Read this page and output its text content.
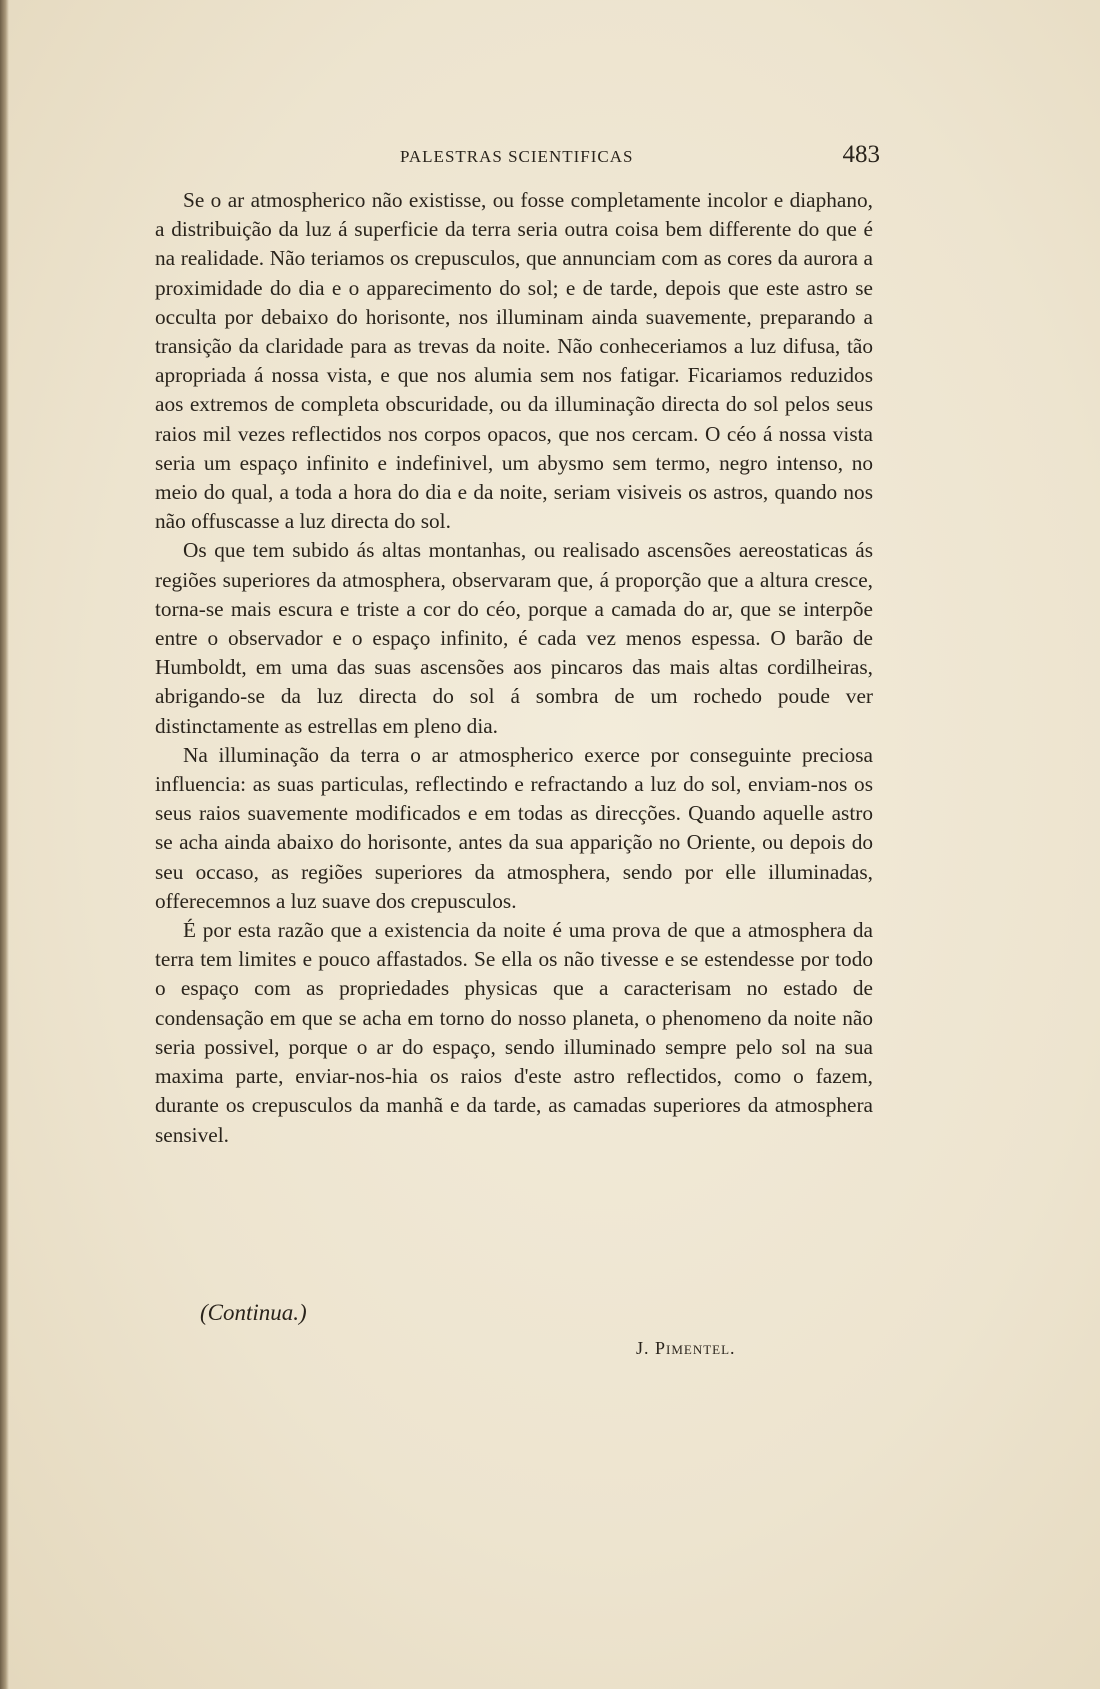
PALESTRAS SCIENTIFICAS	483

Se o ar atmospherico não existisse, ou fosse completamente incolor e diaphano, a distribuição da luz á superficie da terra seria outra coisa bem differente do que é na realidade. Não teriamos os crepusculos, que annunciam com as cores da aurora a proximidade do dia e o apparecimento do sol; e de tarde, depois que este astro se occulta por debaixo do horisonte, nos illuminam ainda suavemente, preparando a transição da claridade para as trevas da noite. Não conheceriamos a luz difusa, tão apropriada á nossa vista, e que nos alumia sem nos fatigar. Ficariamos reduzidos aos extremos de completa obscuridade, ou da illuminação directa do sol pelos seus raios mil vezes reflectidos nos corpos opacos, que nos cercam. O céo á nossa vista seria um espaço infinito e indefinivel, um abysmo sem termo, negro intenso, no meio do qual, a toda a hora do dia e da noite, seriam visiveis os astros, quando nos não offuscasse a luz directa do sol.

Os que tem subido ás altas montanhas, ou realisado ascensões aereostaticas ás regiões superiores da atmosphera, observaram que, á proporção que a altura cresce, torna-se mais escura e triste a cor do céo, porque a camada do ar, que se interpõe entre o observador e o espaço infinito, é cada vez menos espessa. O barão de Humboldt, em uma das suas ascensões aos pincaros das mais altas cordilheiras, abrigando-se da luz directa do sol á sombra de um rochedo poude ver distinctamente as estrellas em pleno dia.

Na illuminação da terra o ar atmospherico exerce por conseguinte preciosa influencia: as suas particulas, reflectindo e refractando a luz do sol, enviam-nos os seus raios suavemente modificados e em todas as direcções. Quando aquelle astro se acha ainda abaixo do horisonte, antes da sua apparição no Oriente, ou depois do seu occaso, as regiões superiores da atmosphera, sendo por elle illuminadas, offerecemnos a luz suave dos crepusculos.

É por esta razão que a existencia da noite é uma prova de que a atmosphera da terra tem limites e pouco affastados. Se ella os não tivesse e se estendesse por todo o espaço com as propriedades physicas que a caracterisam no estado de condensação em que se acha em torno do nosso planeta, o phenomeno da noite não seria possivel, porque o ar do espaço, sendo illuminado sempre pelo sol na sua maxima parte, enviar-nos-hia os raios d'este astro reflectidos, como o fazem, durante os crepusculos da manhã e da tarde, as camadas superiores da atmosphera sensivel.

(Continua.)
J. Pimentel.
